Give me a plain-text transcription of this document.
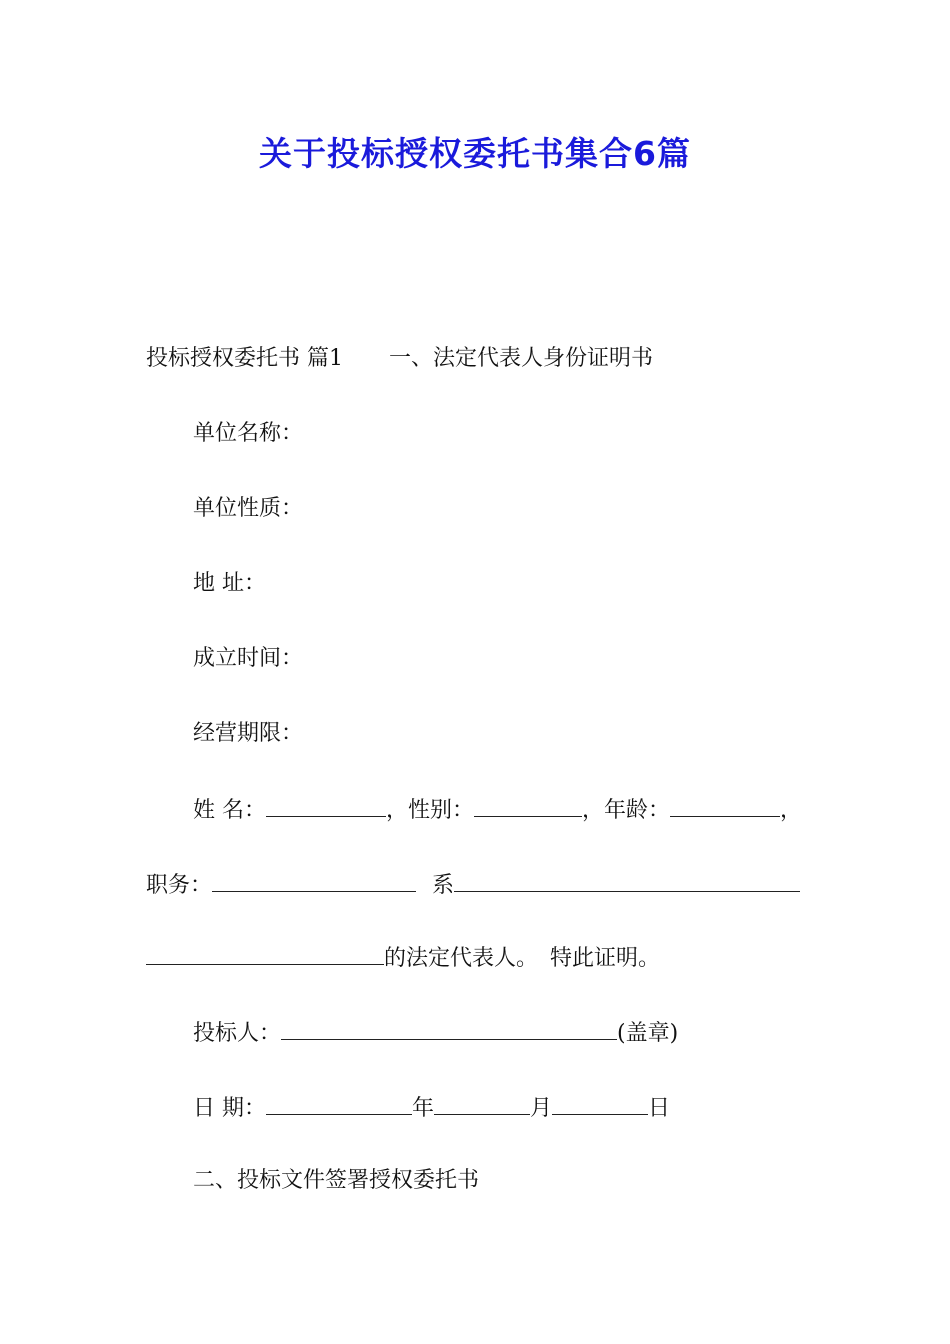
关于投标授权委托书集合6篇
投标授权委托书 篇1 一、法定代表人身份证明书
单位名称：
单位性质：
地 址：
成立时间：
经营期限：
姓 名：	，性别：	，年龄：	，
职务：	系
的法定代表人。 特此证明。
投标人：	(盖章)
日 期：	年	月	日
二、投标文件签署授权委托书
